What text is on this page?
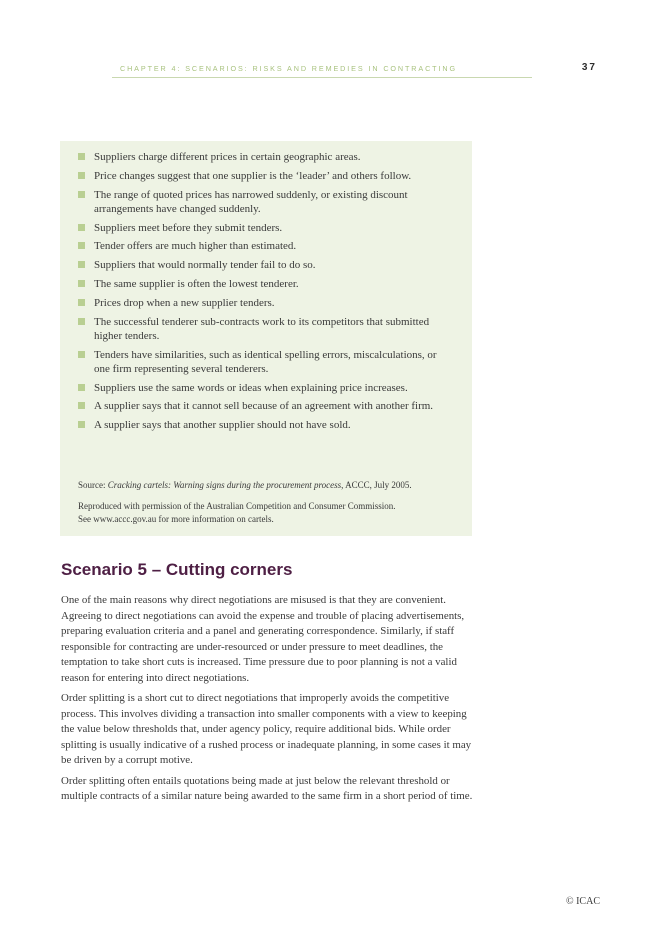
CHAPTER 4: SCENARIOS: RISKS AND REMEDIES IN CONTRACTING	37
Suppliers charge different prices in certain geographic areas.
Price changes suggest that one supplier is the ‘leader’ and others follow.
The range of quoted prices has narrowed suddenly, or existing discount arrangements have changed suddenly.
Suppliers meet before they submit tenders.
Tender offers are much higher than estimated.
Suppliers that would normally tender fail to do so.
The same supplier is often the lowest tenderer.
Prices drop when a new supplier tenders.
The successful tenderer sub-contracts work to its competitors that submitted higher tenders.
Tenders have similarities, such as identical spelling errors, miscalculations, or one firm representing several tenderers.
Suppliers use the same words or ideas when explaining price increases.
A supplier says that it cannot sell because of an agreement with another firm.
A supplier says that another supplier should not have sold.
Source: Cracking cartels: Warning signs during the procurement process, ACCC, July 2005.
Reproduced with permission of the Australian Competition and Consumer Commission.
See www.accc.gov.au for more information on cartels.
Scenario 5 – Cutting corners

One of the main reasons why direct negotiations are misused is that they are convenient. Agreeing to direct negotiations can avoid the expense and trouble of placing advertisements, preparing evaluation criteria and a panel and generating correspondence. Similarly, if staff responsible for contracting are under-resourced or under pressure to meet deadlines, the temptation to take short cuts is increased. Time pressure due to poor planning is not a valid reason for entering into direct negotiations.

Order splitting is a short cut to direct negotiations that improperly avoids the competitive process. This involves dividing a transaction into smaller components with a view to keeping the value below thresholds that, under agency policy, require additional bids. While order splitting is usually indicative of a rushed process or inadequate planning, in some cases it may be driven by a corrupt motive.

Order splitting often entails quotations being made at just below the relevant threshold or multiple contracts of a similar nature being awarded to the same firm in a short period of time.

© ICAC
